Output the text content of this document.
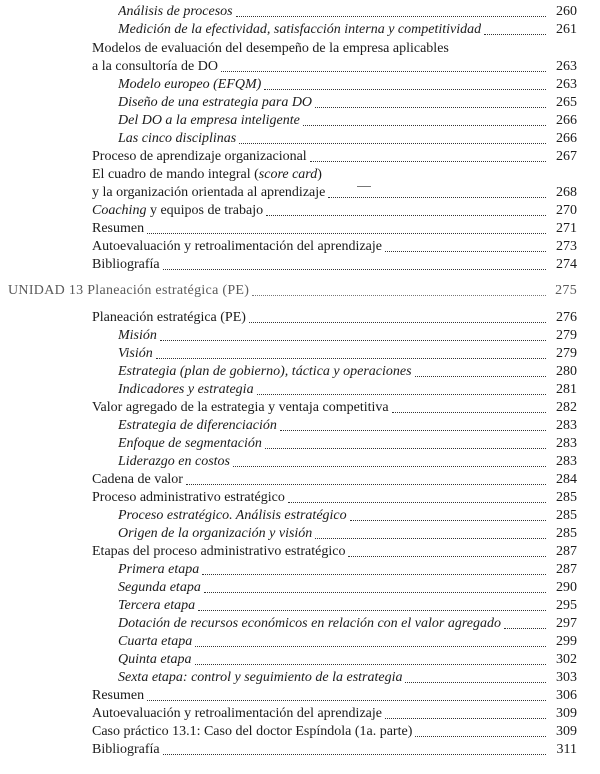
Análisis de procesos	260
Medición de la efectividad, satisfacción interna y competitividad	261
Modelos de evaluación del desempeño de la empresa aplicables
a la consultoría de DO	263
Modelo europeo (EFQM)	263
Diseño de una estrategia para DO	265
Del DO a la empresa inteligente	266
Las cinco disciplinas	266
Proceso de aprendizaje organizacional	267
El cuadro de mando integral (score card)
y la organización orientada al aprendizaje	268
Coaching y equipos de trabajo	270
Resumen	271
Autoevaluación y retroalimentación del aprendizaje	273
Bibliografía	274
UNIDAD 13 Planeación estratégica (PE)	275
Planeación estratégica (PE)	276
Misión	279
Visión	279
Estrategia (plan de gobierno), táctica y operaciones	280
Indicadores y estrategia	281
Valor agregado de la estrategia y ventaja competitiva	282
Estrategia de diferenciación	283
Enfoque de segmentación	283
Liderazgo en costos	283
Cadena de valor	284
Proceso administrativo estratégico	285
Proceso estratégico. Análisis estratégico	285
Origen de la organización y visión	285
Etapas del proceso administrativo estratégico	287
Primera etapa	287
Segunda etapa	290
Tercera etapa	295
Dotación de recursos económicos en relación con el valor agregado	297
Cuarta etapa	299
Quinta etapa	302
Sexta etapa: control y seguimiento de la estrategia	303
Resumen	306
Autoevaluación y retroalimentación del aprendizaje	309
Caso práctico 13.1: Caso del doctor Espíndola (1a. parte)	309
Bibliografía	311
